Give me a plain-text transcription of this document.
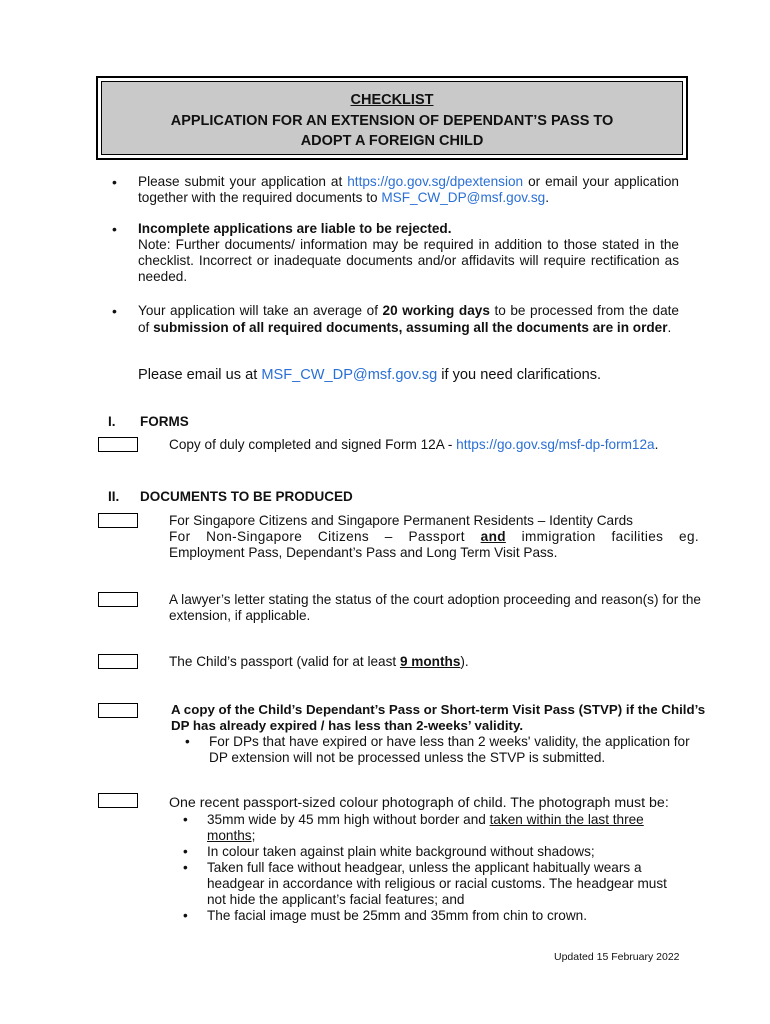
CHECKLIST
APPLICATION FOR AN EXTENSION OF DEPENDANT’S PASS TO
ADOPT A FOREIGN CHILD
• Please submit your application at https://go.gov.sg/dpextension or email your application together with the required documents to MSF_CW_DP@msf.gov.sg.
• Incomplete applications are liable to be rejected.
Note: Further documents/ information may be required in addition to those stated in the checklist. Incorrect or inadequate documents and/or affidavits will require rectification as needed.
• Your application will take an average of 20 working days to be processed from the date of submission of all required documents, assuming all the documents are in order.
Please email us at MSF_CW_DP@msf.gov.sg if you need clarifications.
I. FORMS
Copy of duly completed and signed Form 12A - https://go.gov.sg/msf-dp-form12a.
II. DOCUMENTS TO BE PRODUCED
For Singapore Citizens and Singapore Permanent Residents – Identity Cards
For Non-Singapore Citizens – Passport and immigration facilities eg.
Employment Pass, Dependant’s Pass and Long Term Visit Pass.
A lawyer’s letter stating the status of the court adoption proceeding and reason(s) for the extension, if applicable.
The Child’s passport (valid for at least 9 months).
A copy of the Child’s Dependant’s Pass or Short-term Visit Pass (STVP) if the Child’s DP has already expired / has less than 2-weeks’ validity.
• For DPs that have expired or have less than 2 weeks' validity, the application for DP extension will not be processed unless the STVP is submitted.
One recent passport-sized colour photograph of child. The photograph must be:
• 35mm wide by 45 mm high without border and taken within the last three months;
• In colour taken against plain white background without shadows;
• Taken full face without headgear, unless the applicant habitually wears a headgear in accordance with religious or racial customs. The headgear must not hide the applicant’s facial features; and
• The facial image must be 25mm and 35mm from chin to crown.
Updated 15 February 2022
